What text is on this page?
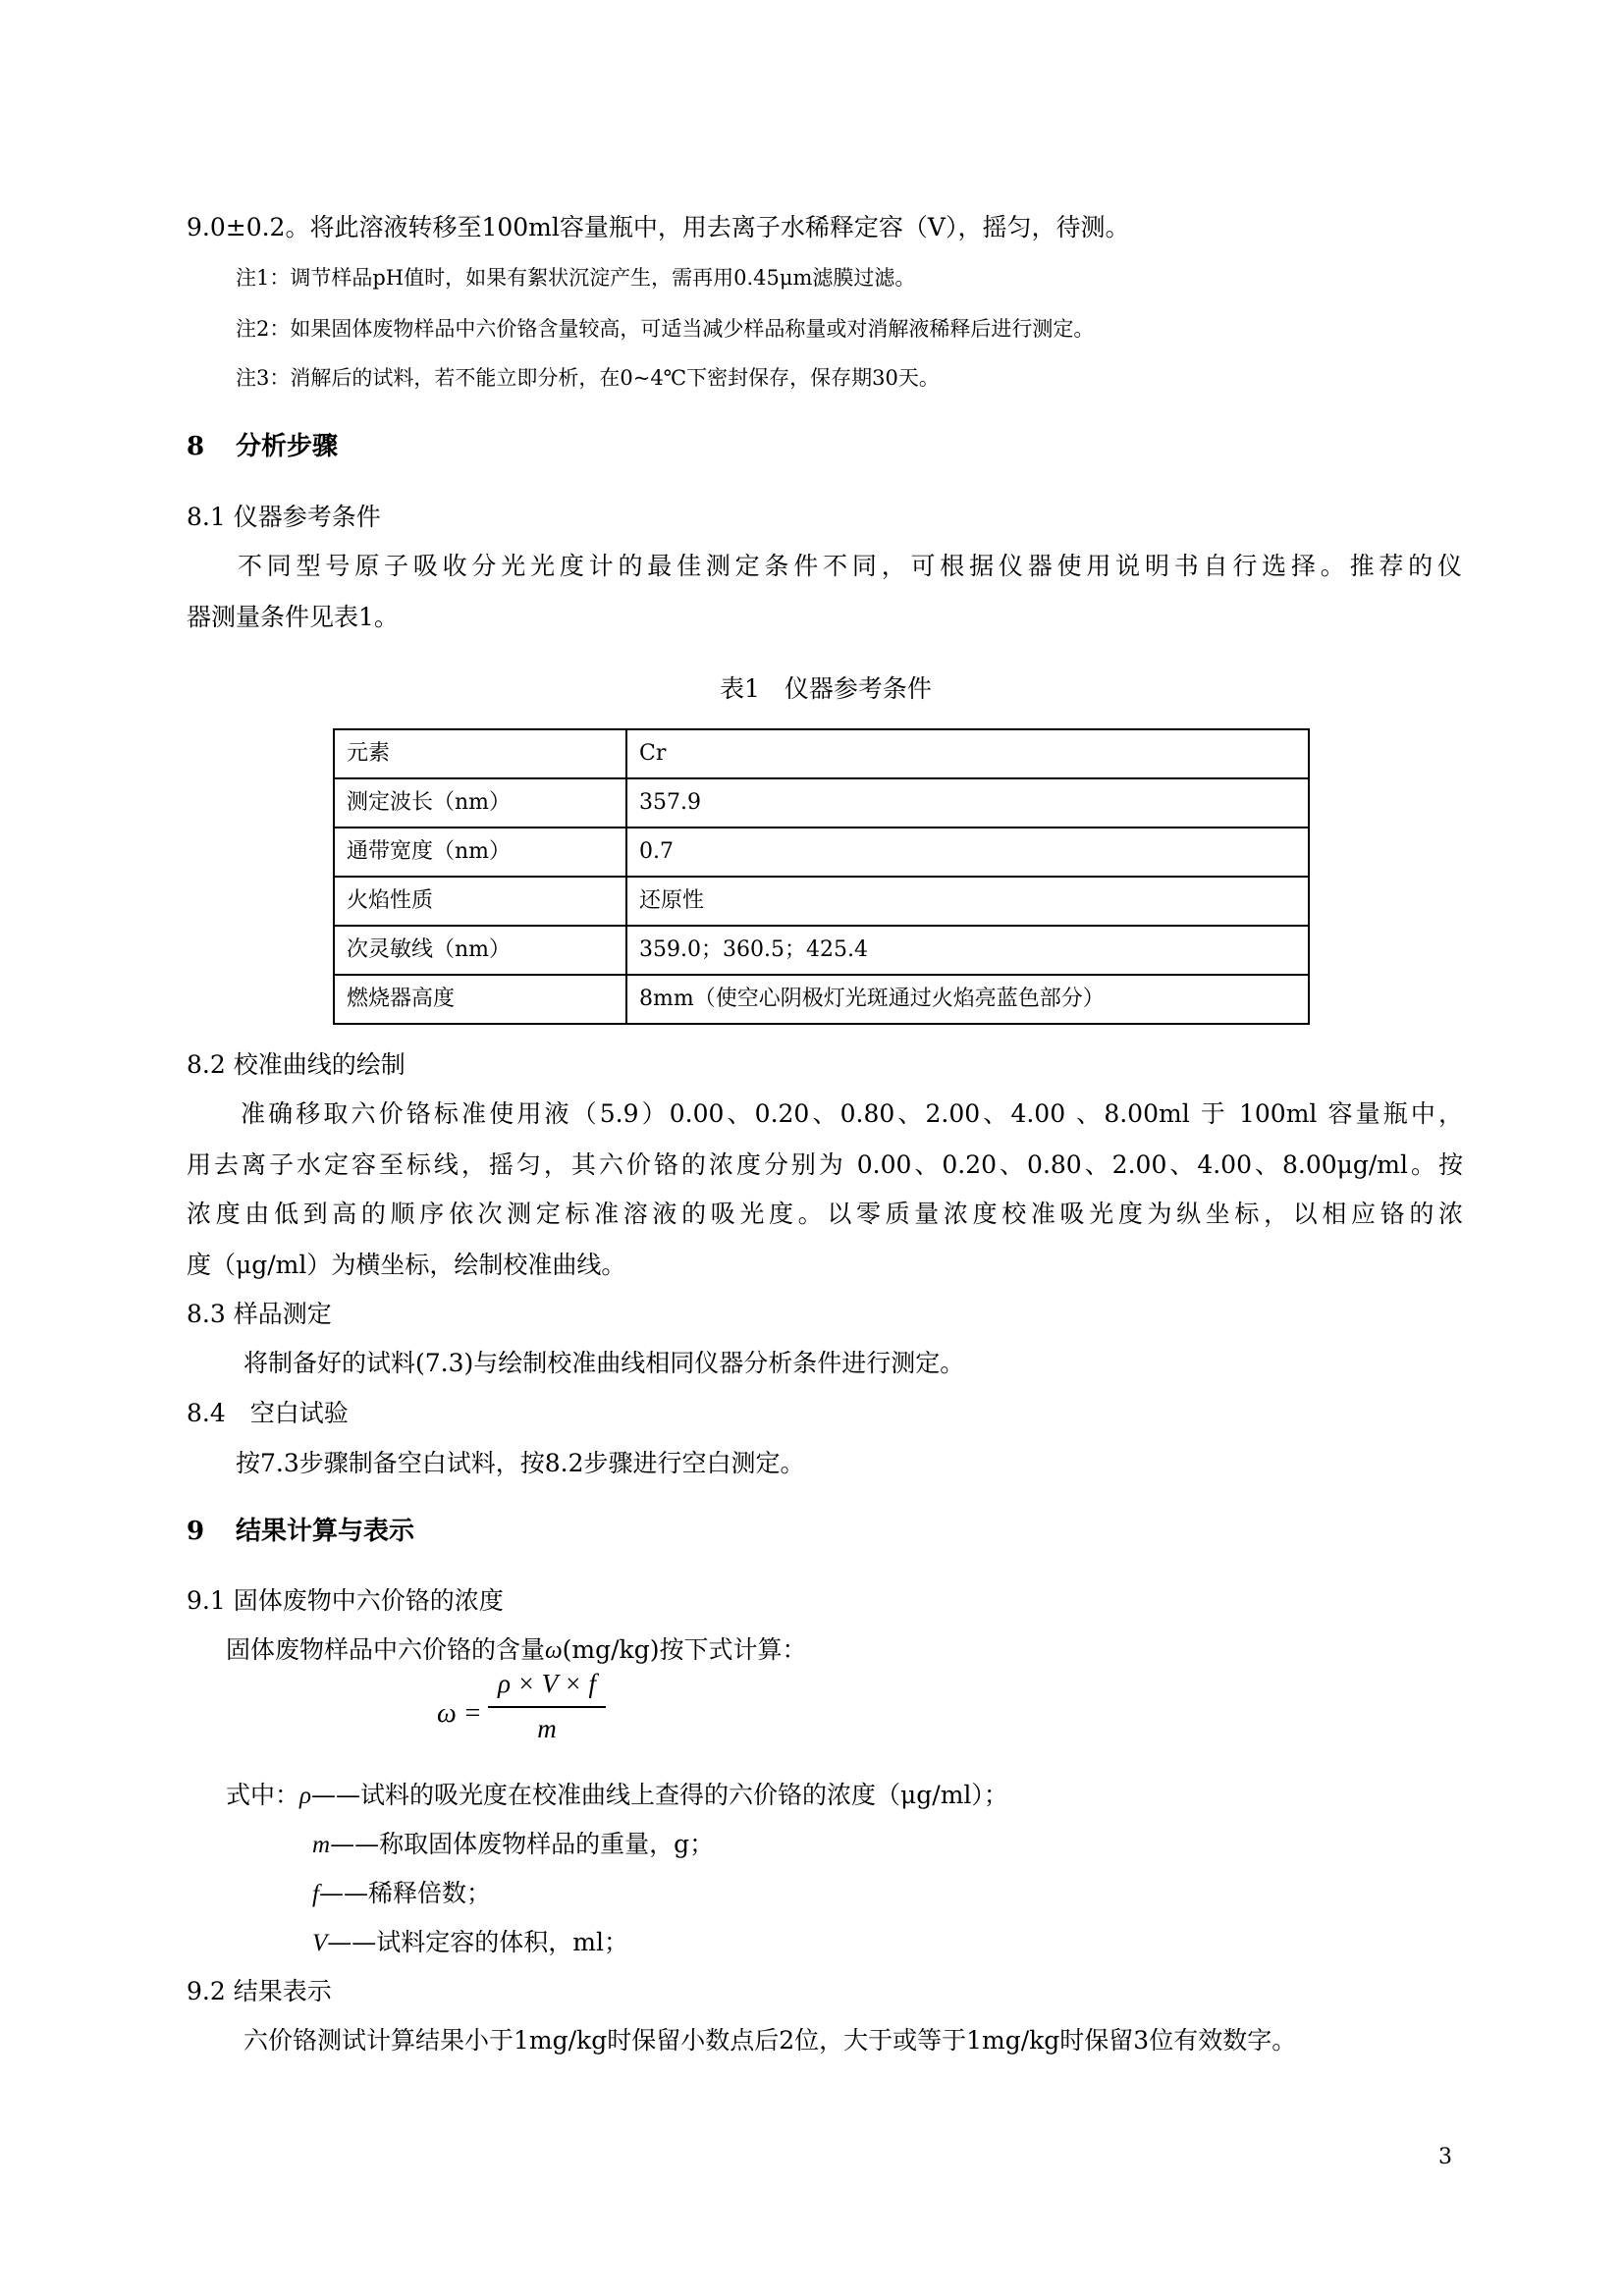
9.0±0.2。将此溶液转移至100ml容量瓶中，用去离子水稀释定容（V），摇匀，待测。
注1：调节样品pH值时，如果有絮状沉淀产生，需再用0.45μm滤膜过滤。
注2：如果固体废物样品中六价铬含量较高，可适当减少样品称量或对消解液稀释后进行测定。
注3：消解后的试料，若不能立即分析，在0~4℃下密封保存，保存期30天。
8 分析步骤
8.1 仪器参考条件
不同型号原子吸收分光光度计的最佳测定条件不同，可根据仪器使用说明书自行选择。推荐的仪
器测量条件见表1。
表1　仪器参考条件
元素	Cr
测定波长（nm）	357.9
通带宽度（nm）	0.7
火焰性质	还原性
次灵敏线（nm）	359.0；360.5；425.4
燃烧器高度	8mm（使空心阴极灯光斑通过火焰亮蓝色部分）
8.2 校准曲线的绘制
准确移取六价铬标准使用液（5.9）0.00、0.20、0.80、2.00、4.00 、8.00ml 于 100ml 容量瓶中，
用去离子水定容至标线，摇匀，其六价铬的浓度分别为 0.00、0.20、0.80、2.00、4.00、8.00μg/ml。按
浓度由低到高的顺序依次测定标准溶液的吸光度。以零质量浓度校准吸光度为纵坐标，以相应铬的浓
度（μg/ml）为横坐标，绘制校准曲线。
8.3 样品测定
将制备好的试料(7.3)与绘制校准曲线相同仪器分析条件进行测定。
8.4　空白试验
按7.3步骤制备空白试料，按8.2步骤进行空白测定。
9 结果计算与表示
9.1 固体废物中六价铬的浓度
固体废物样品中六价铬的含量ω(mg/kg)按下式计算：
ω =
ρ × V × f
m
式中：ρ——试料的吸光度在校准曲线上查得的六价铬的浓度（μg/ml）；
m——称取固体废物样品的重量，g；
f——稀释倍数；
V——试料定容的体积，ml；
9.2 结果表示
六价铬测试计算结果小于1mg/kg时保留小数点后2位，大于或等于1mg/kg时保留3位有效数字。
3
